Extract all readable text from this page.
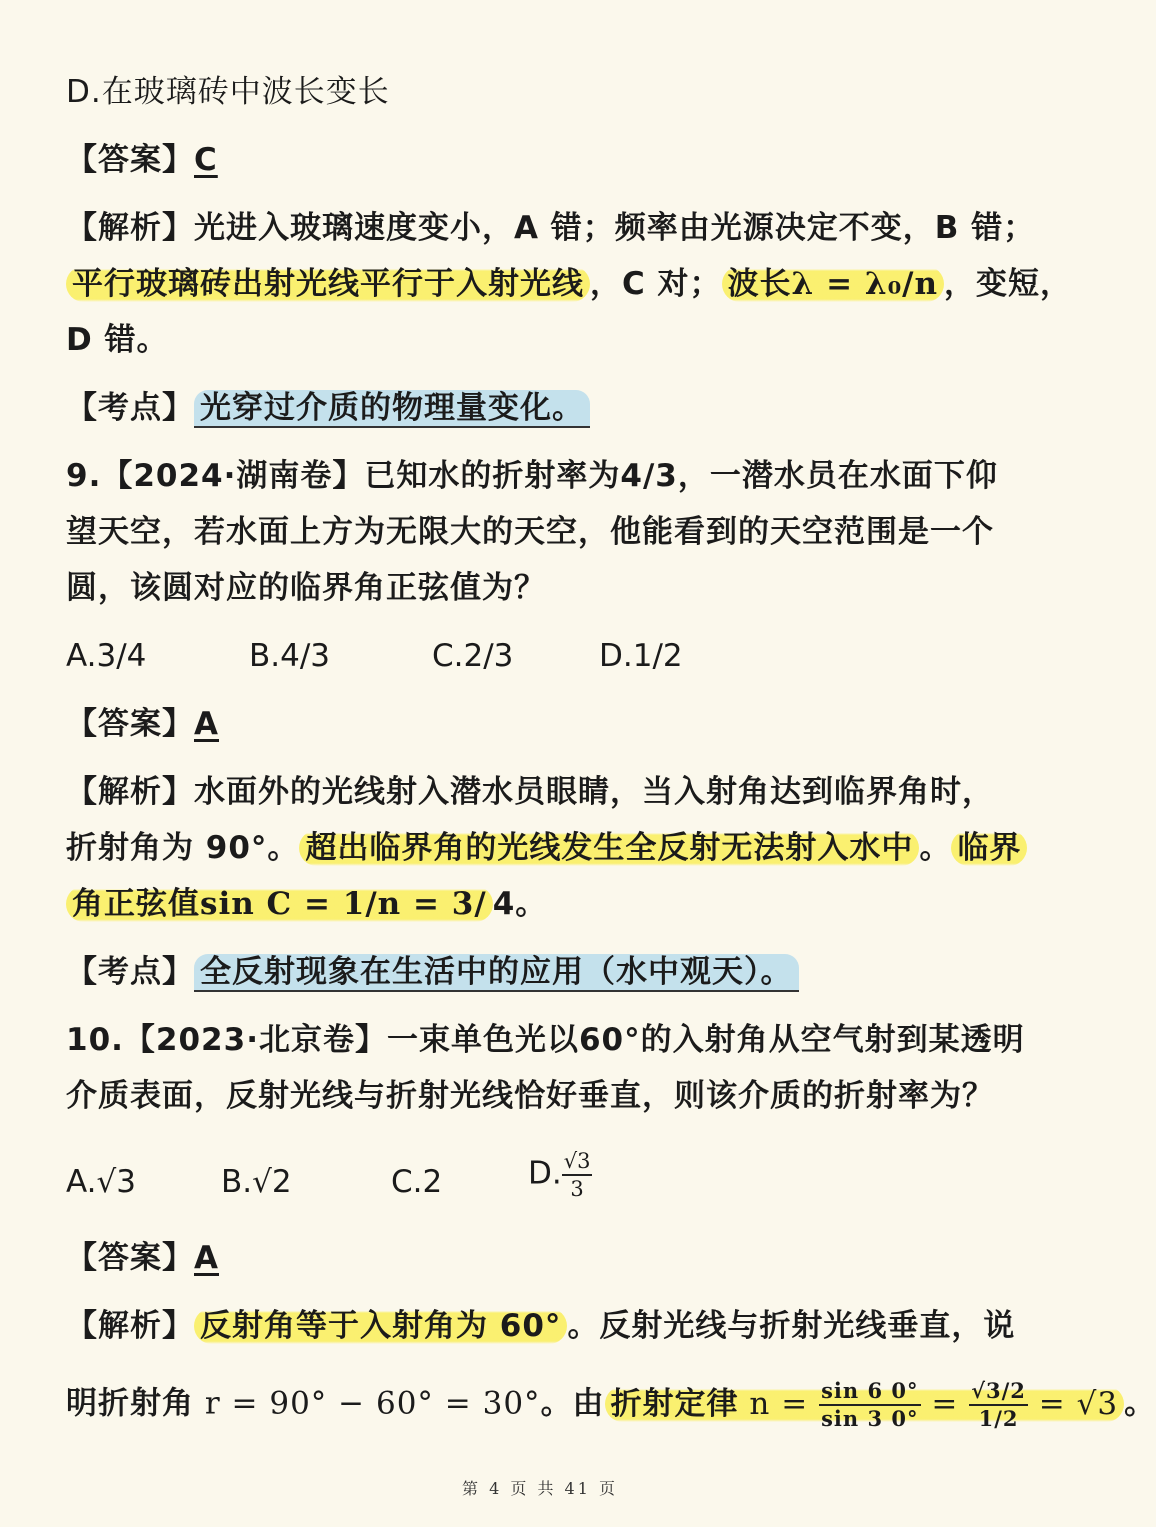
D.在玻璃砖中波长变长
【答案】C
【解析】光进入玻璃速度变小，A 错；频率由光源决定不变，B 错；
平行玻璃砖出射光线平行于入射光线 ，C 对； 波长λ = λ₀/n ，变短，
D 错。
【考点】 光穿过介质的物理量变化。
9.【2024·湖南卷】已知水的折射率为4/3，一潜水员在水面下仰
望天空，若水面上方为无限大的天空，他能看到的天空范围是一个
圆，该圆对应的临界角正弦值为？
A.3/4	B.4/3	C.2/3	D.1/2
【答案】A
【解析】水面外的光线射入潜水员眼睛，当入射角达到临界角时，
折射角为 90°。 超出临界角的光线发生全反射无法射入水中 。 临界
角正弦值sin C = 1/n = 3/ 4。
【考点】 全反射现象在生活中的应用（水中观天）。
10.【2023·北京卷】一束单色光以60°的入射角从空气射到某透明
介质表面，反射光线与折射光线恰好垂直，则该介质的折射率为？
A.√3	B.√2	C.2	D. $\frac{√3}{3}$
【答案】A
【解析】 反射角等于入射角为 60° 。反射光线与折射光线垂直，说
明折射角 r = 90° − 60° = 30°。由 折射定律 $n = \frac{\sin 6 0^\circ}{\sin 3 0^\circ} = \frac{√3/2}{1/2} = √3$ 。
第 4 页 共 41 页
